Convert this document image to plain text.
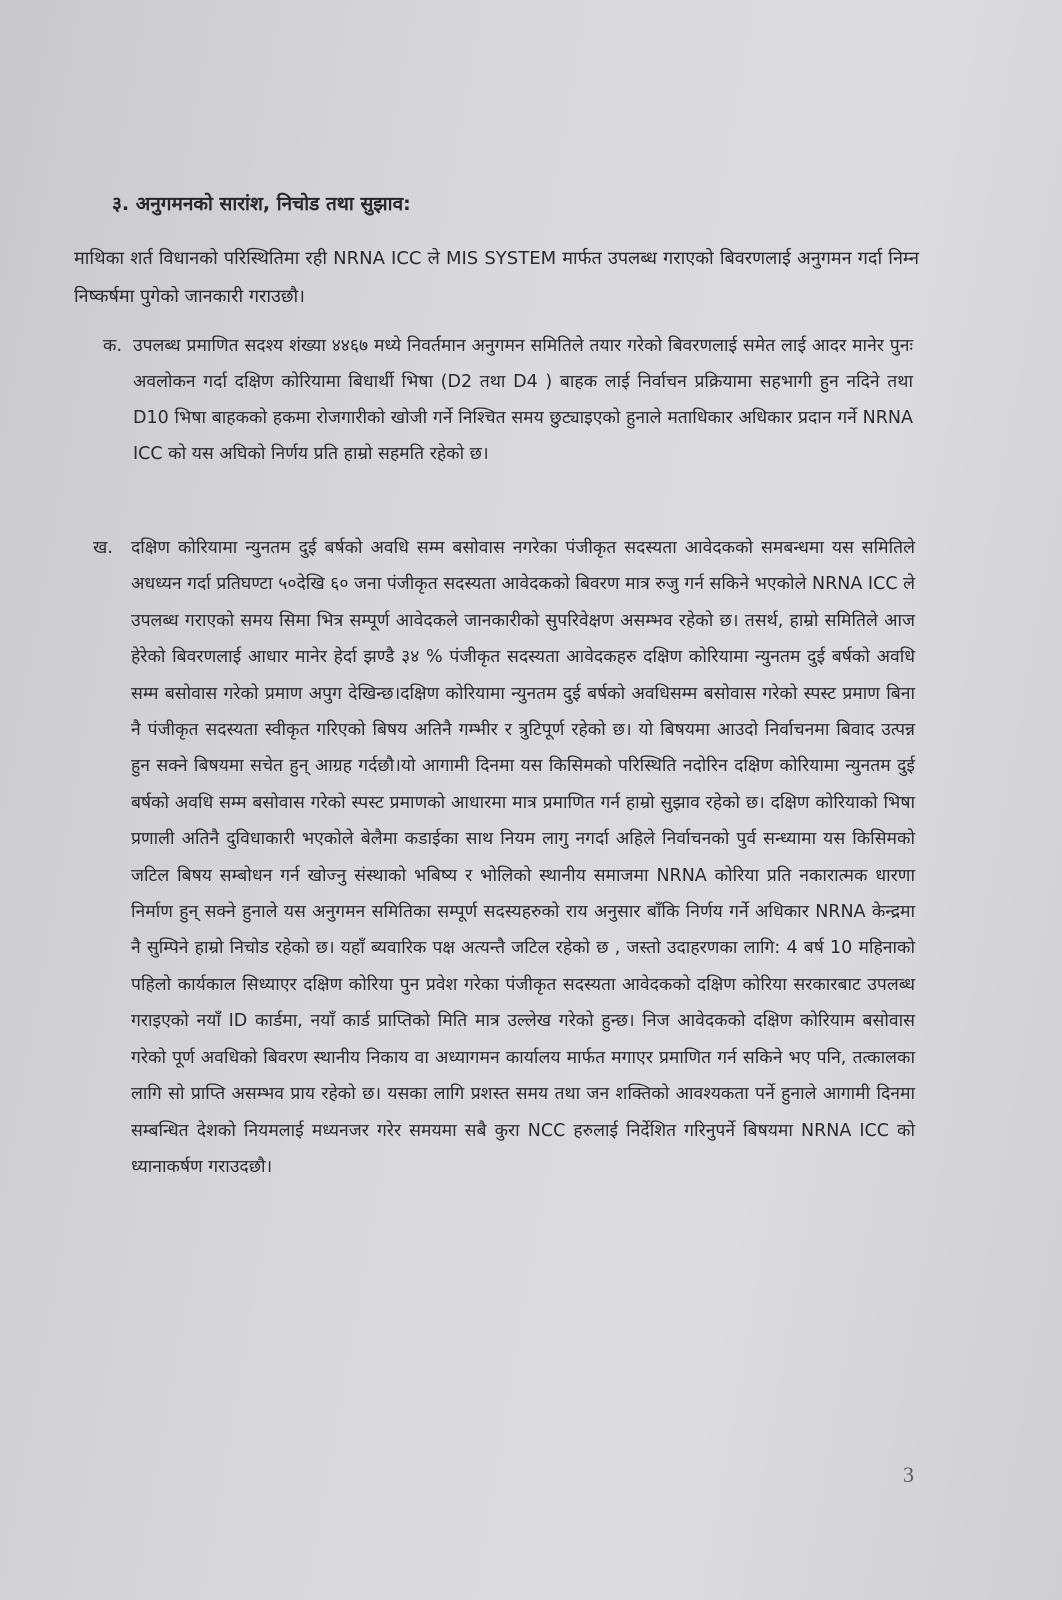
३. अनुगमनको सारांश, निचोड तथा सुझाव:
माथिका शर्त विधानको परिस्थितिमा रही NRNA ICC ले MIS SYSTEM मार्फत उपलब्ध गराएको बिवरणलाई अनुगमन गर्दा निम्न निष्कर्षमा पुगेको जानकारी गराउछौ।
क. उपलब्ध प्रमाणित सदश्य शंख्या ४४६७ मध्ये निवर्तमान अनुगमन समितिले तयार गरेको बिवरणलाई समेत लाई आदर मानेर पुनः अवलोकन गर्दा दक्षिण कोरियामा बिधार्थी भिषा (D2 तथा D4 ) बाहक लाई निर्वाचन प्रक्रियामा सहभागी हुन नदिने तथा D10 भिषा बाहकको हकमा रोजगारीको खोजी गर्ने निश्चित समय छुट्याइएको हुनाले मताधिकार अधिकार प्रदान गर्ने NRNA ICC को यस अघिको निर्णय प्रति हाम्रो सहमति रहेको छ।
ख. दक्षिण कोरियामा न्युनतम दुई बर्षको अवधि सम्म बसोवास नगरेका पंजीकृत सदस्यता आवेदकको समबन्धमा यस समितिले अधध्यन गर्दा प्रतिघण्टा ५०देखि ६० जना पंजीकृत सदस्यता आवेदकको बिवरण मात्र रुजु गर्न सकिने भएकोले NRNA ICC ले उपलब्ध गराएको समय सिमा भित्र सम्पूर्ण आवेदकले जानकारीको सुपरिवेक्षण असम्भव रहेको छ। तसर्थ, हाम्रो समितिले आज हेरेको बिवरणलाई आधार मानेर हेर्दा झण्डै ३४ % पंजीकृत सदस्यता आवेदकहरु दक्षिण कोरियामा न्युनतम दुई बर्षको अवधि सम्म बसोवास गरेको प्रमाण अपुग देखिन्छ।दक्षिण कोरियामा न्युनतम दुई बर्षको अवधिसम्म बसोवास गरेको स्पस्ट प्रमाण बिना नै पंजीकृत सदस्यता स्वीकृत गरिएको बिषय अतिनै गम्भीर र त्रुटिपूर्ण रहेको छ। यो बिषयमा आउदो निर्वाचनमा बिवाद उत्पन्न हुन सक्ने बिषयमा सचेत हुन् आग्रह गर्दछौ।यो आगामी दिनमा यस किसिमको परिस्थिति नदोरिन दक्षिण कोरियामा न्युनतम दुई बर्षको अवधि सम्म बसोवास गरेको स्पस्ट प्रमाणको आधारमा मात्र प्रमाणित गर्न हाम्रो सुझाव रहेको छ। दक्षिण कोरियाको भिषा प्रणाली अतिनै दुविधाकारी भएकोले बेलैमा कडाईका साथ नियम लागु नगर्दा अहिले निर्वाचनको पुर्व सन्ध्यामा यस किसिमको जटिल बिषय सम्बोधन गर्न खोज्नु संस्थाको भबिष्य र भोलिको स्थानीय समाजमा NRNA कोरिया प्रति नकारात्मक धारणा निर्माण हुन् सक्ने हुनाले यस अनुगमन समितिका सम्पूर्ण सदस्यहरुको राय अनुसार बाँकि निर्णय गर्ने अधिकार NRNA केन्द्रमा नै सुम्पिने हाम्रो निचोड रहेको छ। यहाँ ब्यवारिक पक्ष अत्यन्तै जटिल रहेको छ , जस्तो उदाहरणका लागि: 4 बर्ष 10 महिनाको पहिलो कार्यकाल सिध्याएर दक्षिण कोरिया पुन प्रवेश गरेका पंजीकृत सदस्यता आवेदकको दक्षिण कोरिया सरकारबाट उपलब्ध गराइएको नयाँ ID कार्डमा, नयाँ कार्ड प्राप्तिको मिति मात्र उल्लेख गरेको हुन्छ। निज आवेदकको दक्षिण कोरियाम बसोवास गरेको पूर्ण अवधिको बिवरण स्थानीय निकाय वा अध्यागमन कार्यालय मार्फत मगाएर प्रमाणित गर्न सकिने भए पनि, तत्कालका लागि सो प्राप्ति असम्भव प्राय रहेको छ। यसका लागि प्रशस्त समय तथा जन शक्तिको आवश्यकता पर्ने हुनाले आगामी दिनमा सम्बन्धित देशको नियमलाई मध्यनजर गरेर समयमा सबै कुरा NCC हरुलाई निर्देशित गरिनुपर्ने बिषयमा NRNA ICC को ध्यानाकर्षण गराउदछौ।
3
